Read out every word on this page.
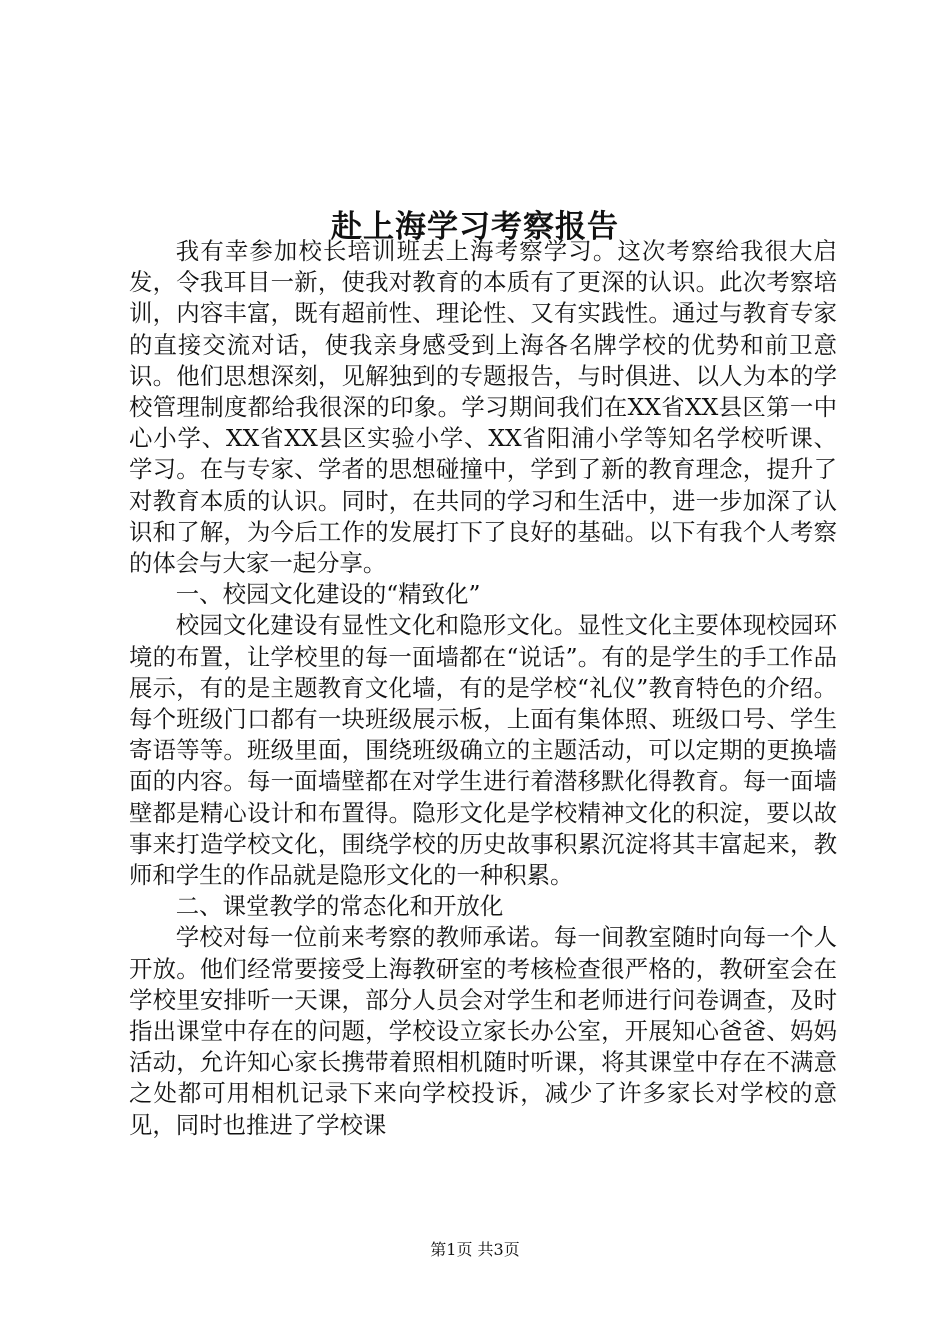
赴上海学习考察报告

我有幸参加校长培训班去上海考察学习。这次考察给我很大启发，令我耳目一新，使我对教育的本质有了更深的认识。此次考察培训，内容丰富，既有超前性、理论性、又有实践性。通过与教育专家的直接交流对话，使我亲身感受到上海各名牌学校的优势和前卫意识。他们思想深刻，见解独到的专题报告，与时俱进、以人为本的学校管理制度都给我很深的印象。学习期间我们在XX省XX县区第一中心小学、XX省XX县区实验小学、XX省阳浦小学等知名学校听课、学习。在与专家、学者的思想碰撞中，学到了新的教育理念，提升了对教育本质的认识。同时，在共同的学习和生活中，进一步加深了认识和了解，为今后工作的发展打下了良好的基础。以下有我个人考察的体会与大家一起分享。

一、校园文化建设的“精致化”

校园文化建设有显性文化和隐形文化。显性文化主要体现校园环境的布置，让学校里的每一面墙都在“说话”。有的是学生的手工作品展示，有的是主题教育文化墙，有的是学校“礼仪”教育特色的介绍。每个班级门口都有一块班级展示板，上面有集体照、班级口号、学生寄语等等。班级里面，围绕班级确立的主题活动，可以定期的更换墙面的内容。每一面墙壁都在对学生进行着潜移默化得教育。每一面墙壁都是精心设计和布置得。隐形文化是学校精神文化的积淀，要以故事来打造学校文化，围绕学校的历史故事积累沉淀将其丰富起来，教师和学生的作品就是隐形文化的一种积累。

二、课堂教学的常态化和开放化

学校对每一位前来考察的教师承诺。每一间教室随时向每一个人开放。他们经常要接受上海教研室的考核检查很严格的，教研室会在学校里安排听一天课，部分人员会对学生和老师进行问卷调查，及时指出课堂中存在的问题，学校设立家长办公室，开展知心爸爸、妈妈活动，允许知心家长携带着照相机随时听课，将其课堂中存在不满意之处都可用相机记录下来向学校投诉，减少了许多家长对学校的意见，同时也推进了学校课

第1页 共3页
